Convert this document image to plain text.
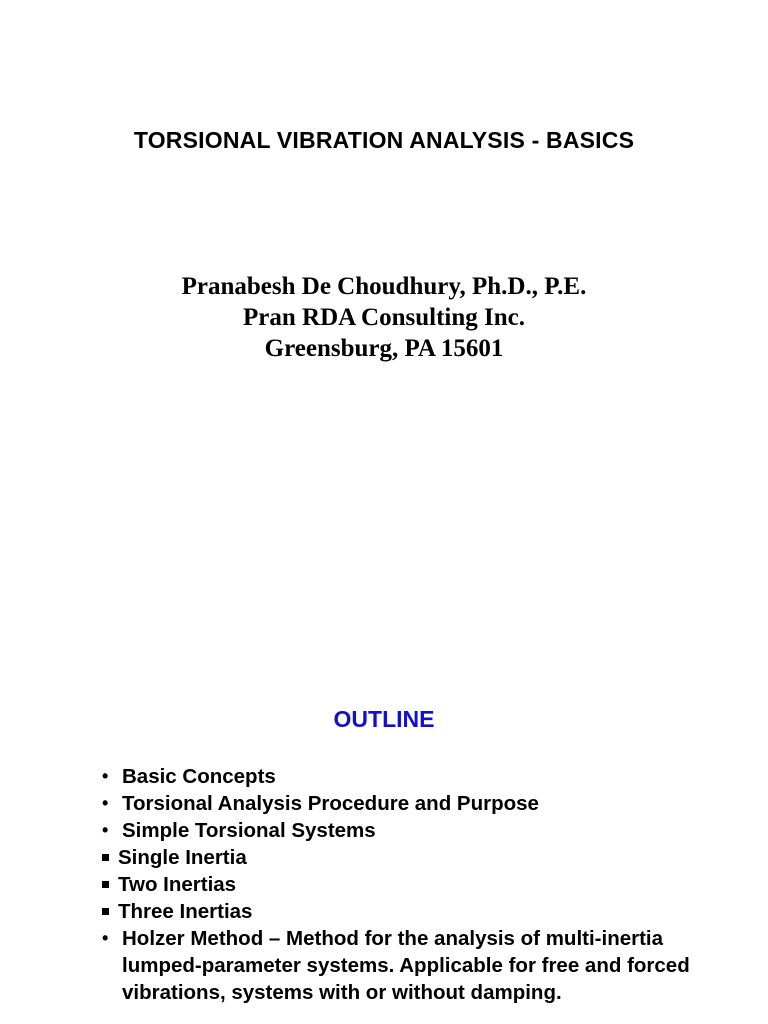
TORSIONAL VIBRATION ANALYSIS - BASICS
Pranabesh De Choudhury, Ph.D., P.E.
Pran RDA Consulting Inc.
Greensburg, PA 15601
OUTLINE
• Basic Concepts
• Torsional Analysis Procedure and Purpose
• Simple Torsional Systems
Single Inertia
Two Inertias
Three Inertias
• Holzer Method – Method for the analysis of multi-inertia lumped-parameter systems. Applicable for free and forced vibrations, systems with or without damping.
